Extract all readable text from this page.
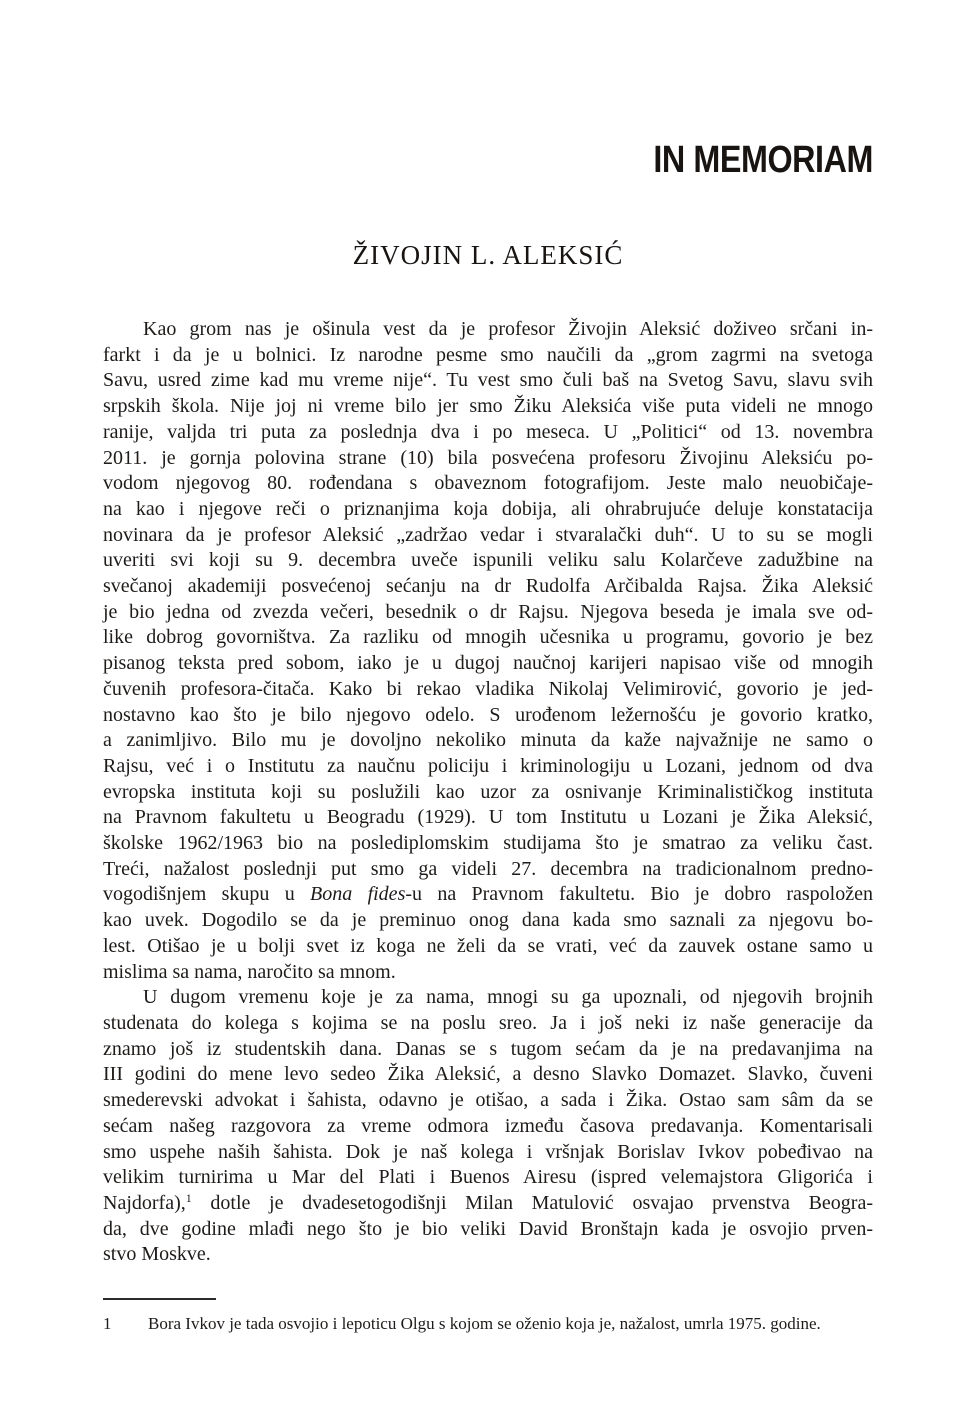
IN MEMORIAM
ŽIVOJIN L. ALEKSIĆ
Kao grom nas je ošinula vest da je profesor Živojin Aleksić doživeo srčani in-
farkt i da je u bolnici. Iz narodne pesme smo naučili da „grom zagrmi na svetoga
Savu, usred zime kad mu vreme nije“. Tu vest smo čuli baš na Svetog Savu, slavu svih
srpskih škola. Nije joj ni vreme bilo jer smo Žiku Aleksića više puta videli ne mnogo
ranije, valjda tri puta za poslednja dva i po meseca. U „Politici“ od 13. novembra
2011. je gornja polovina strane (10) bila posvećena profesoru Živojinu Aleksiću po-
vodom njegovog 80. rođendana s obaveznom fotografijom. Jeste malo neuobičaje-
na kao i njegove reči o priznanjima koja dobija, ali ohrabrujuće deluje konstatacija
novinara da je profesor Aleksić „zadržao vedar i stvaralački duh“. U to su se mogli
uveriti svi koji su 9. decembra uveče ispunili veliku salu Kolarčeve zadužbine na
svečanoj akademiji posvećenoj sećanju na dr Rudolfa Arčibalda Rajsa. Žika Aleksić
je bio jedna od zvezda večeri, besednik o dr Rajsu. Njegova beseda je imala sve od-
like dobrog govorništva. Za razliku od mnogih učesnika u programu, govorio je bez
pisanog teksta pred sobom, iako je u dugoj naučnoj karijeri napisao više od mnogih
čuvenih profesora-čitača. Kako bi rekao vladika Nikolaj Velimirović, govorio je jed-
nostavno kao što je bilo njegovo odelo. S urođenom ležernošću je govorio kratko,
a zanimljivo. Bilo mu je dovoljno nekoliko minuta da kaže najvažnije ne samo o
Rajsu, već i o Institutu za naučnu policiju i kriminologiju u Lozani, jednom od dva
evropska instituta koji su poslužili kao uzor za osnivanje Kriminalističkog instituta
na Pravnom fakultetu u Beogradu (1929). U tom Institutu u Lozani je Žika Aleksić,
školske 1962/1963 bio na poslediplomskim studijama što je smatrao za veliku čast.
Treći, nažalost poslednji put smo ga videli 27. decembra na tradicionalnom predno-
vogodišnjem skupu u Bona fides-u na Pravnom fakultetu. Bio je dobro raspoložen
kao uvek. Dogodilo se da je preminuo onog dana kada smo saznali za njegovu bo-
lest. Otišao je u bolji svet iz koga ne želi da se vrati, već da zauvek ostane samo u
mislima sa nama, naročito sa mnom.
U dugom vremenu koje je za nama, mnogi su ga upoznali, od njegovih brojnih
studenata do kolega s kojima se na poslu sreo. Ja i još neki iz naše generacije da
znamo još iz studentskih dana. Danas se s tugom sećam da je na predavanjima na
III godini do mene levo sedeo Žika Aleksić, a desno Slavko Domazet. Slavko, čuveni
smederevski advokat i šahista, odavno je otišao, a sada i Žika. Ostao sam sâm da se
sećam našeg razgovora za vreme odmora između časova predavanja. Komentarisali
smo uspehe naših šahista. Dok je naš kolega i vršnjak Borislav Ivkov pobeđivao na
velikim turnirima u Mar del Plati i Buenos Airesu (ispred velemajstora Gligorića i
Najdorfa),$^1$ dotle je dvadesetogodišnji Milan Matulović osvajao prvenstva Beogra-
da, dve godine mlađi nego što je bio veliki David Bronštajn kada je osvojio prven-
stvo Moskve.
1 Bora Ivkov je tada osvojio i lepoticu Olgu s kojom se oženio koja je, nažalost, umrla 1975. godine.
